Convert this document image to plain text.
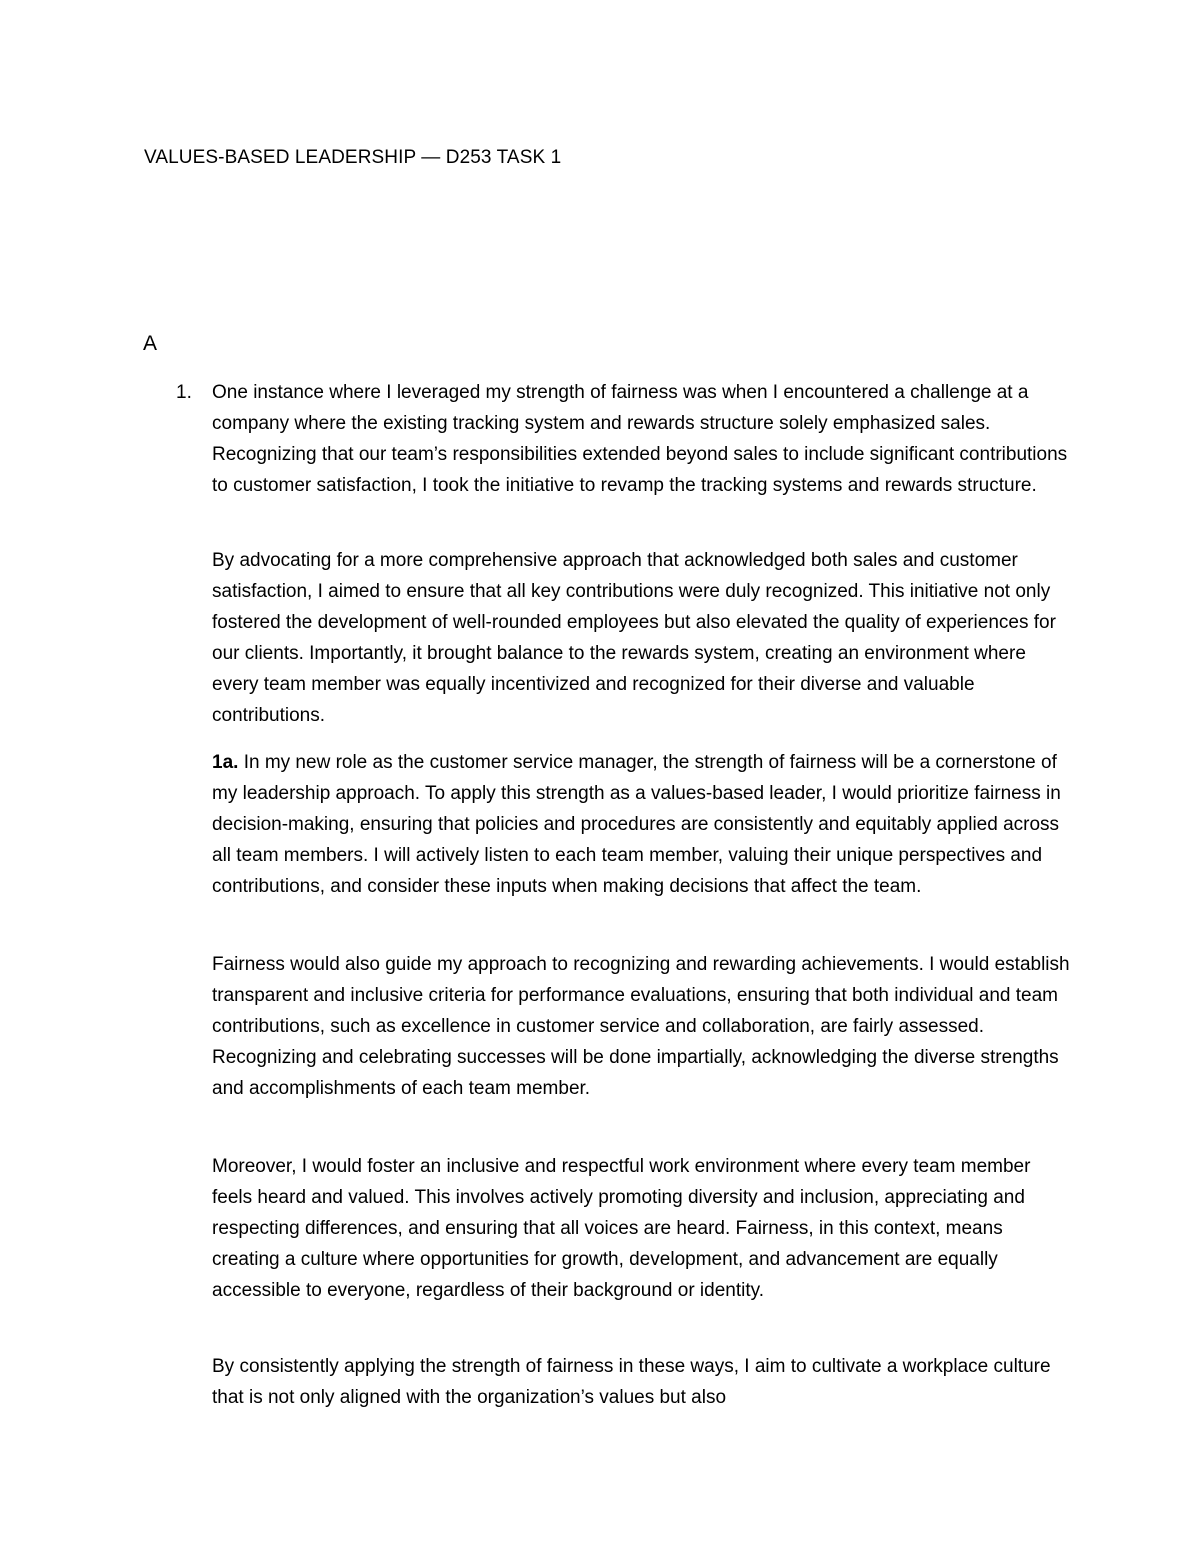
VALUES-BASED LEADERSHIP — D253 TASK 1
A
1. One instance where I leveraged my strength of fairness was when I encountered a challenge at a company where the existing tracking system and rewards structure solely emphasized sales. Recognizing that our team’s responsibilities extended beyond sales to include significant contributions to customer satisfaction, I took the initiative to revamp the tracking systems and rewards structure.

By advocating for a more comprehensive approach that acknowledged both sales and customer satisfaction, I aimed to ensure that all key contributions were duly recognized. This initiative not only fostered the development of well-rounded employees but also elevated the quality of experiences for our clients. Importantly, it brought balance to the rewards system, creating an environment where every team member was equally incentivized and recognized for their diverse and valuable contributions.

1a. In my new role as the customer service manager, the strength of fairness will be a cornerstone of my leadership approach. To apply this strength as a values-based leader, I would prioritize fairness in decision-making, ensuring that policies and procedures are consistently and equitably applied across all team members. I will actively listen to each team member, valuing their unique perspectives and contributions, and consider these inputs when making decisions that affect the team.

Fairness would also guide my approach to recognizing and rewarding achievements. I would establish transparent and inclusive criteria for performance evaluations, ensuring that both individual and team contributions, such as excellence in customer service and collaboration, are fairly assessed. Recognizing and celebrating successes will be done impartially, acknowledging the diverse strengths and accomplishments of each team member.

Moreover, I would foster an inclusive and respectful work environment where every team member feels heard and valued. This involves actively promoting diversity and inclusion, appreciating and respecting differences, and ensuring that all voices are heard. Fairness, in this context, means creating a culture where opportunities for growth, development, and advancement are equally accessible to everyone, regardless of their background or identity.

By consistently applying the strength of fairness in these ways, I aim to cultivate a workplace culture that is not only aligned with the organization’s values but also
